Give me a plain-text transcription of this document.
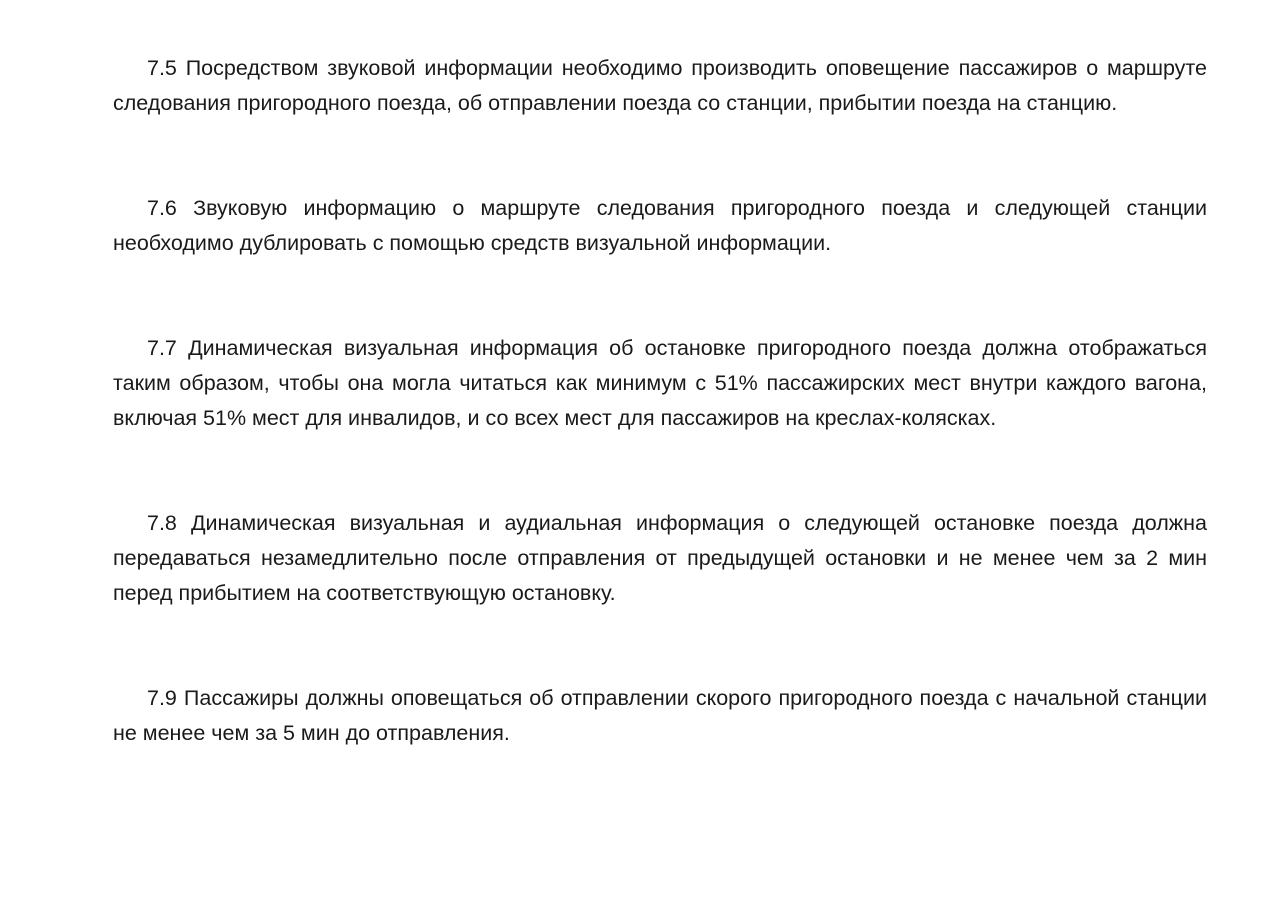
7.5 Посредством звуковой информации необходимо производить оповещение пассажиров о маршруте следования пригородного поезда, об отправлении поезда со станции, прибытии поезда на станцию.

7.6 Звуковую информацию о маршруте следования пригородного поезда и следующей станции необходимо дублировать с помощью средств визуальной информации.

7.7 Динамическая визуальная информация об остановке пригородного поезда должна отображаться таким образом, чтобы она могла читаться как минимум с 51% пассажирских мест внутри каждого вагона, включая 51% мест для инвалидов, и со всех мест для пассажиров на креслах-колясках.

7.8 Динамическая визуальная и аудиальная информация о следующей остановке поезда должна передаваться незамедлительно после отправления от предыдущей остановки и не менее чем за 2 мин перед прибытием на соответствующую остановку.

7.9 Пассажиры должны оповещаться об отправлении скорого пригородного поезда с начальной станции не менее чем за 5 мин до отправления.
